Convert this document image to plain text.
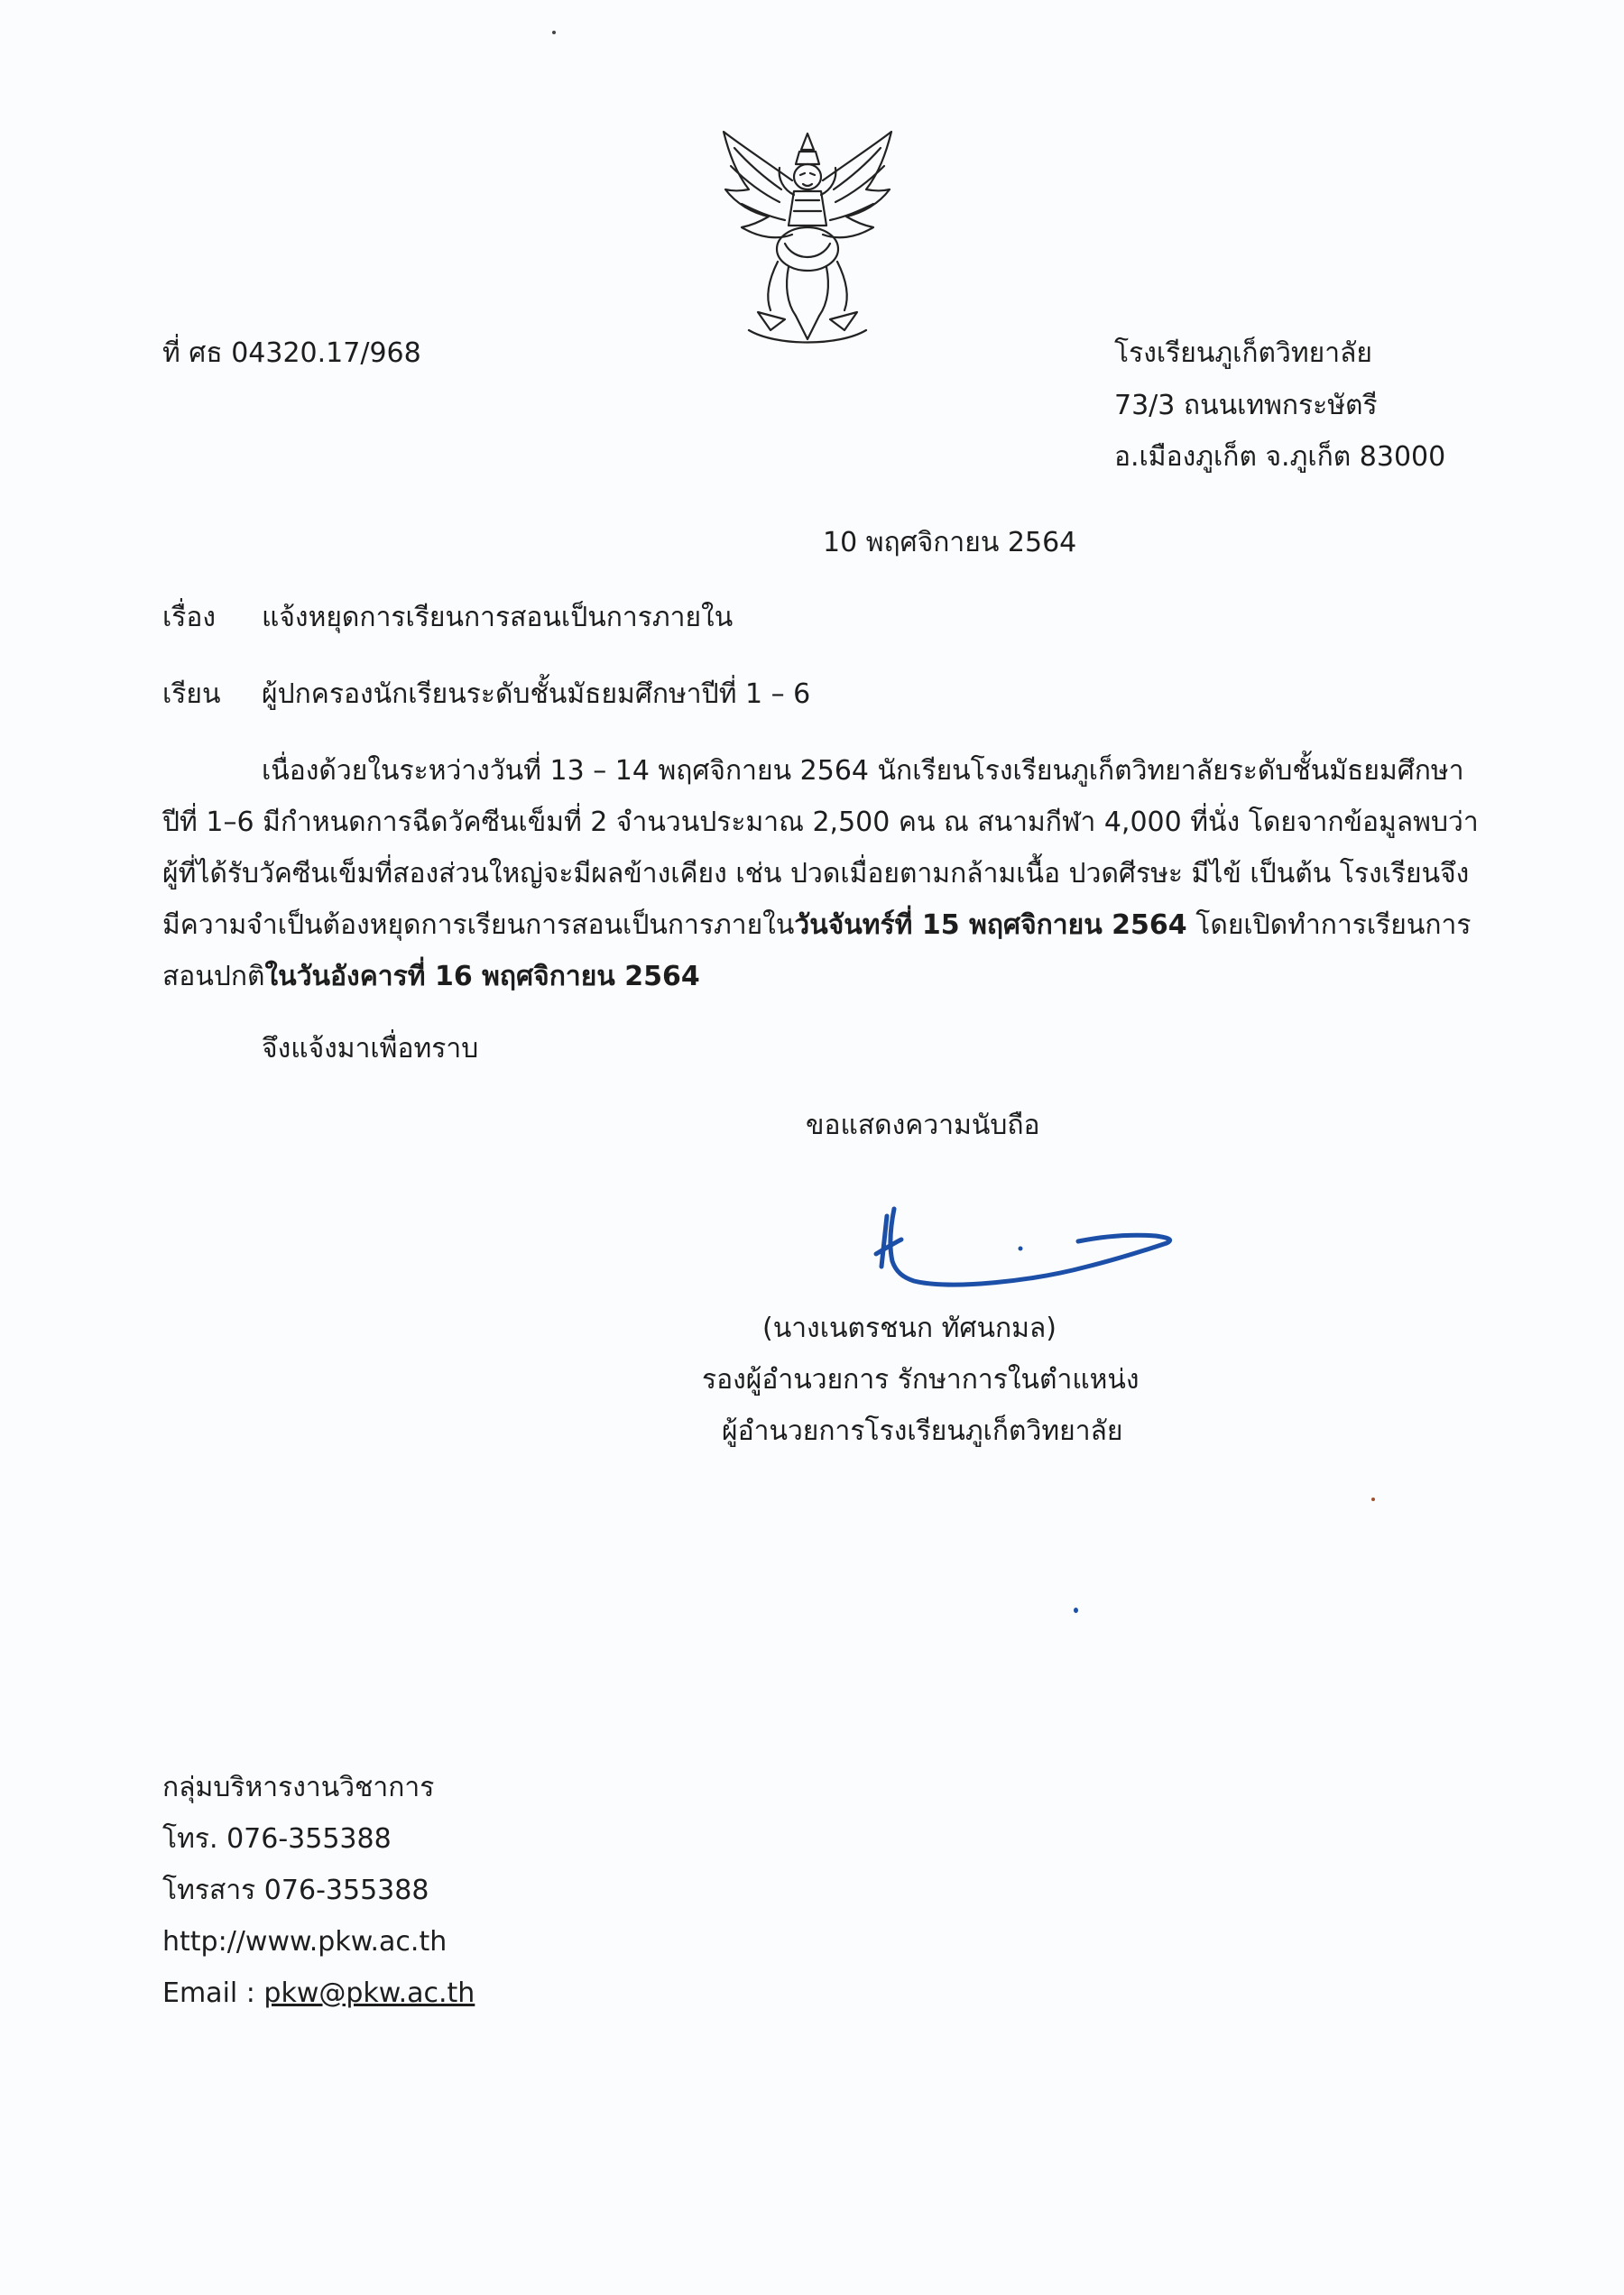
ที่ ศธ 04320.17/968	โรงเรียนภูเก็ตวิทยาลัย
73/3 ถนนเทพกระษัตรี
อ.เมืองภูเก็ต จ.ภูเก็ต 83000
10 พฤศจิกายน 2564
เรื่อง แจ้งหยุดการเรียนการสอนเป็นการภายใน
เรียน ผู้ปกครองนักเรียนระดับชั้นมัธยมศึกษาปีที่ 1 – 6
เนื่องด้วยในระหว่างวันที่ 13 – 14 พฤศจิกายน 2564 นักเรียนโรงเรียนภูเก็ตวิทยาลัยระดับชั้นมัธยมศึกษา
ปีที่ 1–6 มีกำหนดการฉีดวัคซีนเข็มที่ 2 จำนวนประมาณ 2,500 คน ณ สนามกีฬา 4,000 ที่นั่ง โดยจากข้อมูลพบว่า
ผู้ที่ได้รับวัคซีนเข็มที่สองส่วนใหญ่จะมีผลข้างเคียง เช่น ปวดเมื่อยตามกล้ามเนื้อ ปวดศีรษะ มีไข้ เป็นต้น โรงเรียนจึง
มีความจำเป็นต้องหยุดการเรียนการสอนเป็นการภายในวันจันทร์ที่ 15 พฤศจิกายน 2564 โดยเปิดทำการเรียนการ
สอนปกติในวันอังคารที่ 16 พฤศจิกายน 2564
จึงแจ้งมาเพื่อทราบ
ขอแสดงความนับถือ
(นางเนตรชนก ทัศนกมล)
รองผู้อำนวยการ รักษาการในตำแหน่ง
ผู้อำนวยการโรงเรียนภูเก็ตวิทยาลัย
กลุ่มบริหารงานวิชาการ
โทร. 076-355388
โทรสาร 076-355388
http://www.pkw.ac.th
Email : pkw@pkw.ac.th
